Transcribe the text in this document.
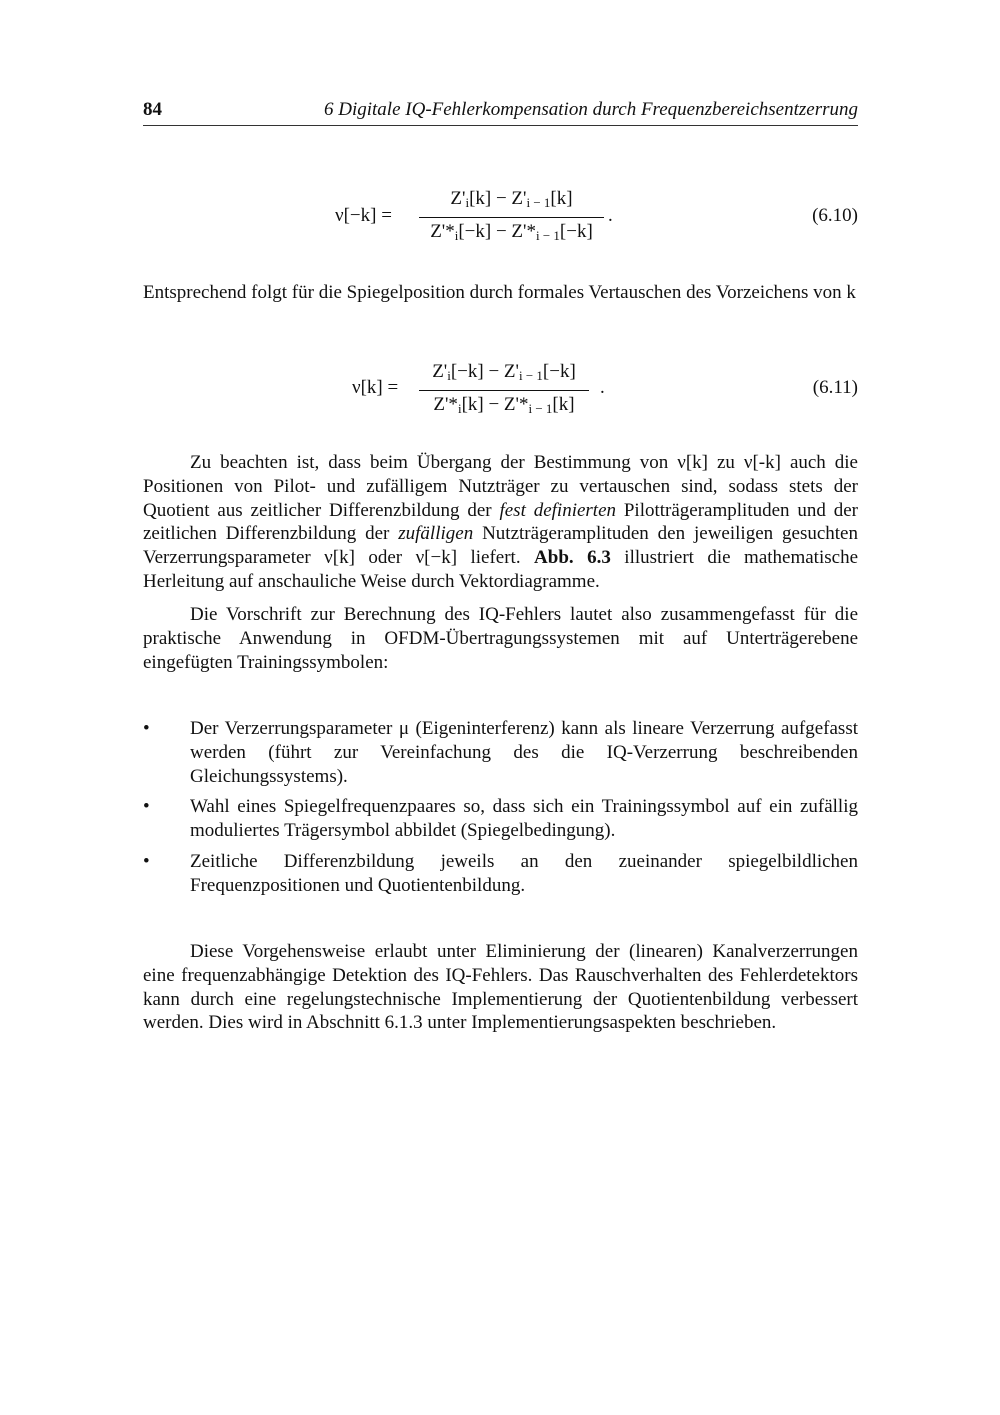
84	6 Digitale IQ-Fehlerkompensation durch Frequenzbereichsentzerrung
ν[−k] =
$Z'_i[k] - Z'_{i - 1}[k]$
$Z'*_i[-k] - Z'*_{i - 1}[-k]$
.	(6.10)

Entsprechend folgt für die Spiegelposition durch formales Vertauschen des Vorzeichens von k

ν[k] =
$Z'_i[-k] - Z'_{i - 1}[-k]$
$Z'*_i[k] - Z'*_{i - 1}[k]$
.	(6.11)

Zu beachten ist, dass beim Übergang der Bestimmung von ν[k] zu ν[-k] auch die Positionen von Pilot- und zufälligem Nutzträger zu vertauschen sind, sodass stets der Quotient aus zeitlicher Differenzbildung der fest definierten Pilotträgeramplituden und der zeitlichen Differenzbildung der zufälligen Nutzträgeramplituden den jeweiligen gesuchten Verzerrungsparameter ν[k] oder ν[−k] liefert. Abb. 6.3 illustriert die mathematische Herleitung auf anschauliche Weise durch Vektordiagramme.

Die Vorschrift zur Berechnung des IQ-Fehlers lautet also zusammengefasst für die praktische Anwendung in OFDM-Übertragungssystemen mit auf Unterträgerebene eingefügten Trainingssymbolen:

• Der Verzerrungsparameter μ (Eigeninterferenz) kann als lineare Verzerrung aufgefasst werden (führt zur Vereinfachung des die IQ-Verzerrung beschreibenden Gleichungssystems).
• Wahl eines Spiegelfrequenzpaares so, dass sich ein Trainingssymbol auf ein zufällig moduliertes Trägersymbol abbildet (Spiegelbedingung).
• Zeitliche Differenzbildung jeweils an den zueinander spiegelbildlichen Frequenzpositionen und Quotientenbildung.

Diese Vorgehensweise erlaubt unter Eliminierung der (linearen) Kanalverzerrungen eine frequenzabhängige Detektion des IQ-Fehlers. Das Rauschverhalten des Fehlerdetektors kann durch eine regelungstechnische Implementierung der Quotientenbildung verbessert werden. Dies wird in Abschnitt 6.1.3 unter Implementierungsaspekten beschrieben.
